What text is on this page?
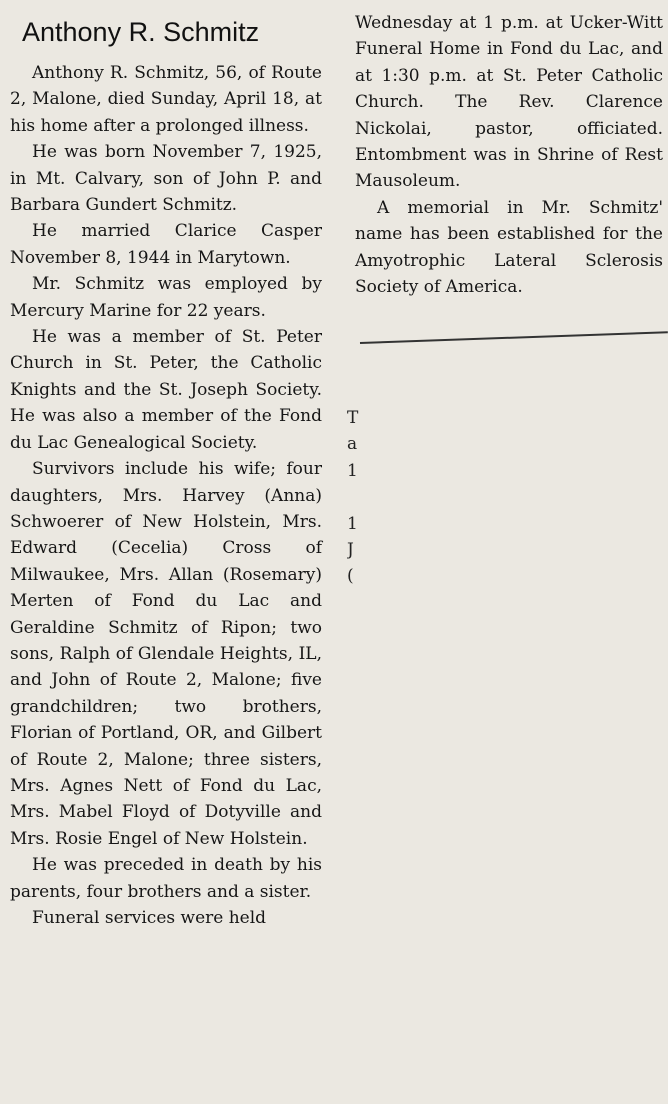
Anthony R. Schmitz

Anthony R. Schmitz, 56, of Route 2, Malone, died Sunday, April 18, at his home after a prolonged illness.

He was born November 7, 1925, in Mt. Calvary, son of John P. and Barbara Gundert Schmitz.

He married Clarice Casper November 8, 1944 in Marytown.

Mr. Schmitz was employed by Mercury Marine for 22 years.

He was a member of St. Peter Church in St. Peter, the Catholic Knights and the St. Joseph Society. He was also a member of the Fond du Lac Genealogical Society.

Survivors include his wife; four daughters, Mrs. Harvey (Anna) Schwoerer of New Holstein, Mrs. Edward (Cecelia) Cross of Milwaukee, Mrs. Allan (Rosemary) Merten of Fond du Lac and Geraldine Schmitz of Ripon; two sons, Ralph of Glendale Heights, IL, and John of Route 2, Malone; five grandchildren; two brothers, Florian of Portland, OR, and Gilbert of Route 2, Malone; three sisters, Mrs. Agnes Nett of Fond du Lac, Mrs. Mabel Floyd of Dotyville and Mrs. Rosie Engel of New Holstein.

He was preceded in death by his parents, four brothers and a sister.

Funeral services were held

Wednesday at 1 p.m. at Ucker-Witt Funeral Home in Fond du Lac, and at 1:30 p.m. at St. Peter Catholic Church. The Rev. Clarence Nickolai, pastor, officiated. Entombment was in Shrine of Rest Mausoleum.

A memorial in Mr. Schmitz' name has been established for the Amyotrophic Lateral Sclerosis Society of America.

T
a
1
1
J
(
